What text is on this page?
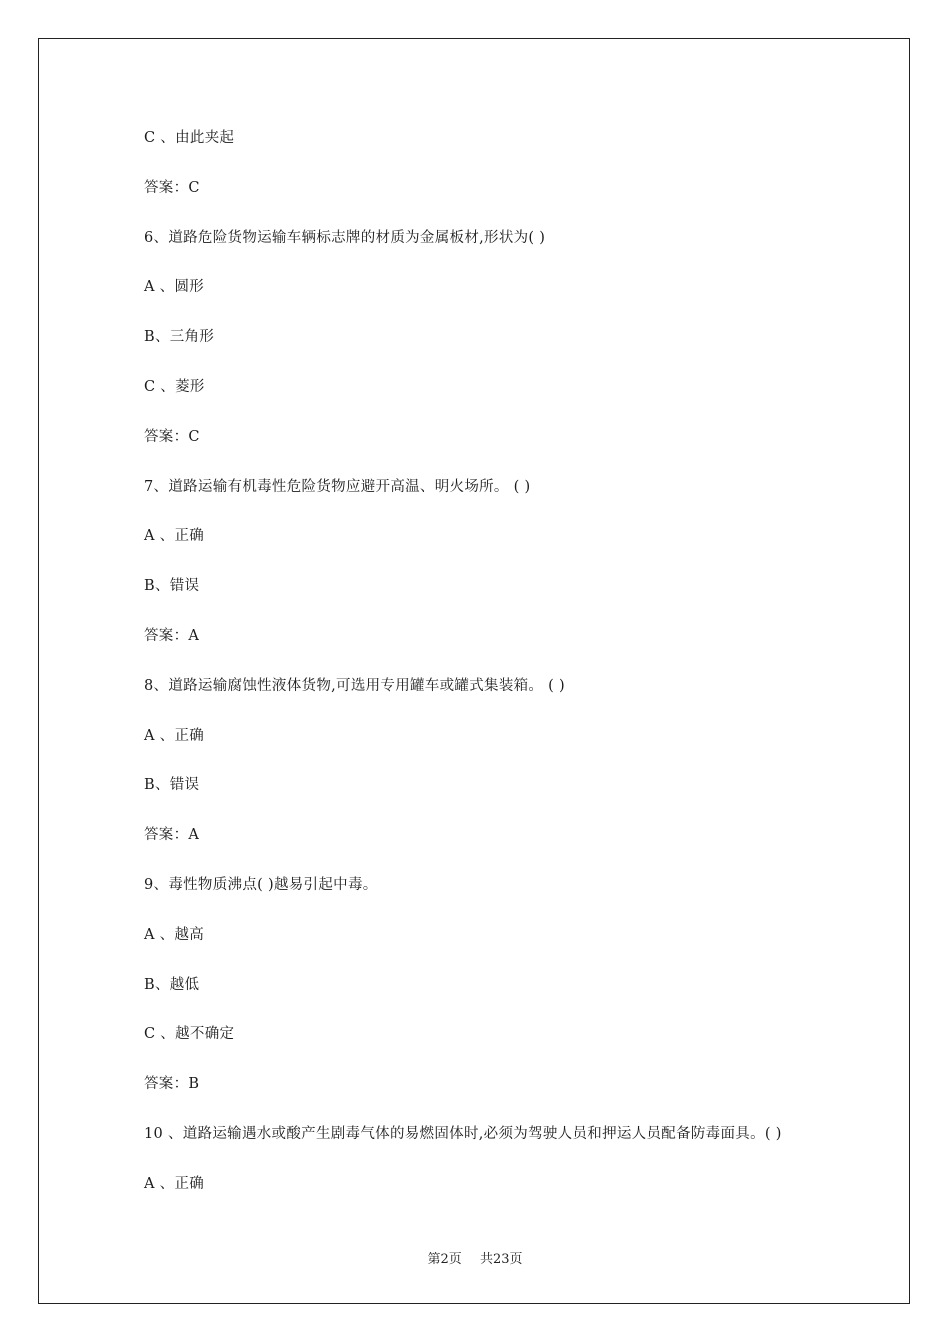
C 、由此夹起
答案：C
6、道路危险货物运输车辆标志牌的材质为金属板材,形状为( )
A 、圆形
B、三角形
C 、菱形
答案：C
7、道路运输有机毒性危险货物应避开高温、明火场所。 ( )
A 、正确
B、错误
答案：A
8、道路运输腐蚀性液体货物,可选用专用罐车或罐式集装箱。 ( )
A 、正确
B、错误
答案：A
9、毒性物质沸点( )越易引起中毒。
A 、越高
B、越低
C 、越不确定
答案：B
10 、道路运输遇水或酸产生剧毒气体的易燃固体时,必须为驾驶人员和押运人员配备防毒面具。( )
A 、正确
第2页 共23页
